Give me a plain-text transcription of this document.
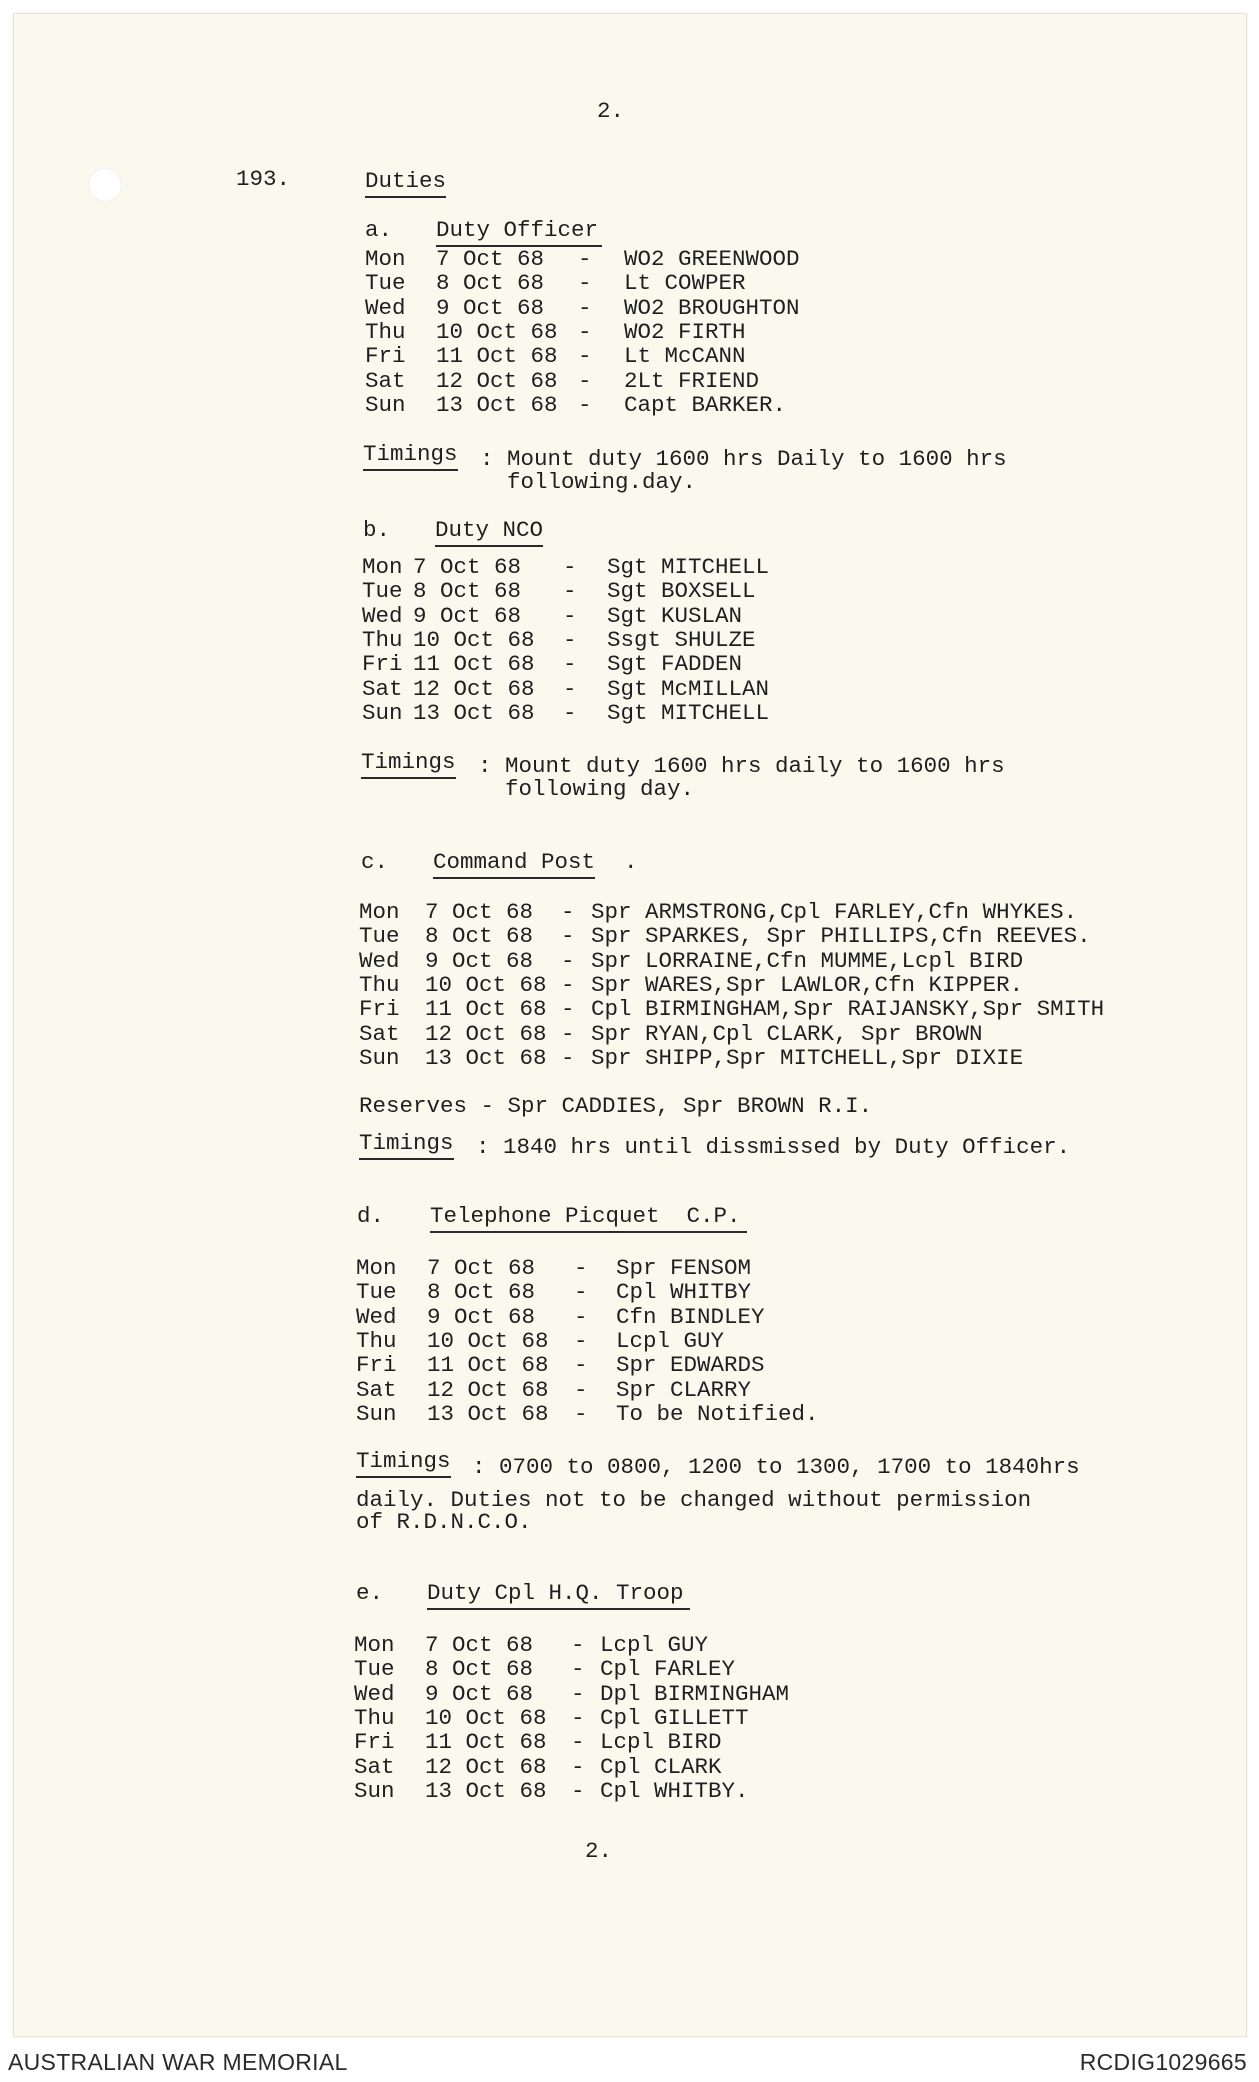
2.
193.	Duties
a. Duty Officer
Mon 7 Oct 68 - WO2 GREENWOOD
Tue 8 Oct 68 - Lt COWPER
Wed 9 Oct 68 - WO2 BROUGHTON
Thu 10 Oct 68 - WO2 FIRTH
Fri 11 Oct 68 - Lt McCANN
Sat 12 Oct 68 - 2Lt FRIEND
Sun 13 Oct 68 - Capt BARKER.
Timings : Mount duty 1600 hrs Daily to 1600 hrs
following.day.
b. Duty NCO
Mon 7 Oct 68 - Sgt MITCHELL
Tue 8 Oct 68 - Sgt BOXSELL
Wed 9 Oct 68 - Sgt KUSLAN
Thu 10 Oct 68 - Ssgt SHULZE
Fri 11 Oct 68 - Sgt FADDEN
Sat 12 Oct 68 - Sgt McMILLAN
Sun 13 Oct 68 - Sgt MITCHELL
Timings : Mount duty 1600 hrs daily to 1600 hrs
following day.
c. Command Post .
Mon 7 Oct 68 - Spr ARMSTRONG,Cpl FARLEY,Cfn WHYKES.
Tue 8 Oct 68 - Spr SPARKES, Spr PHILLIPS,Cfn REEVES.
Wed 9 Oct 68 - Spr LORRAINE,Cfn MUMME,Lcpl BIRD
Thu 10 Oct 68 - Spr WARES,Spr LAWLOR,Cfn KIPPER.
Fri 11 Oct 68 - Cpl BIRMINGHAM,Spr RAIJANSKY,Spr SMITH
Sat 12 Oct 68 - Spr RYAN,Cpl CLARK, Spr BROWN
Sun 13 Oct 68 - Spr SHIPP,Spr MITCHELL,Spr DIXIE
Reserves - Spr CADDIES, Spr BROWN R.I.
Timings : 1840 hrs until dissmissed by Duty Officer.
d. Telephone Picquet  C.P.
Mon 7 Oct 68 - Spr FENSOM
Tue 8 Oct 68 - Cpl WHITBY
Wed 9 Oct 68 - Cfn BINDLEY
Thu 10 Oct 68 - Lcpl GUY
Fri 11 Oct 68 - Spr EDWARDS
Sat 12 Oct 68 - Spr CLARRY
Sun 13 Oct 68 - To be Notified.
Timings : 0700 to 0800, 1200 to 1300, 1700 to 1840hrs
daily. Duties not to be changed without permission
of R.D.N.C.O.
e. Duty Cpl H.Q. Troop
Mon 7 Oct 68 - Lcpl GUY
Tue 8 Oct 68 - Cpl FARLEY
Wed 9 Oct 68 - Dpl BIRMINGHAM
Thu 10 Oct 68 - Cpl GILLETT
Fri 11 Oct 68 - Lcpl BIRD
Sat 12 Oct 68 - Cpl CLARK
Sun 13 Oct 68 - Cpl WHITBY.
2.
AUSTRALIAN WAR MEMORIAL	RCDIG1029665
